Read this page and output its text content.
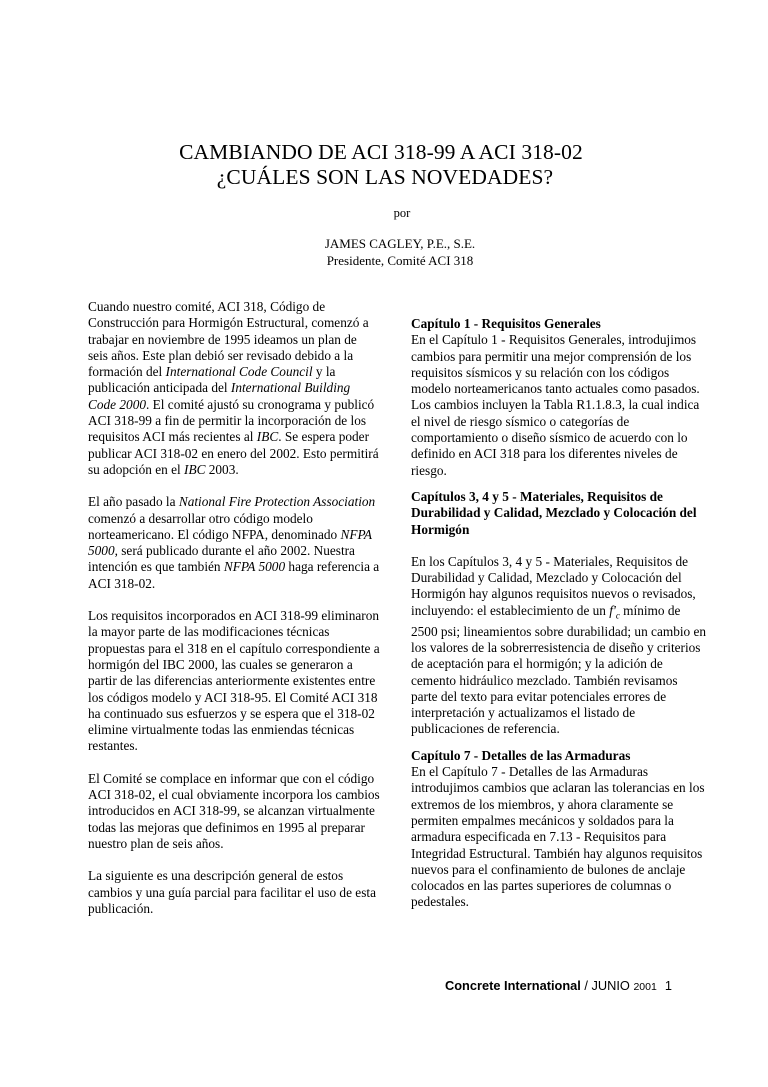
CAMBIANDO DE ACI 318-99 A ACI 318-02
¿CUÁLES SON LAS NOVEDADES?
por
JAMES CAGLEY, P.E., S.E.
Presidente, Comité ACI 318

Cuando nuestro comité, ACI 318, Código de Construcción para Hormigón Estructural, comenzó a trabajar en noviembre de 1995 ideamos un plan de seis años. Este plan debió ser revisado debido a la formación del International Code Council y la publicación anticipada del International Building Code 2000. El comité ajustó su cronograma y publicó ACI 318-99 a fin de permitir la incorporación de los requisitos ACI más recientes al IBC. Se espera poder publicar ACI 318-02 en enero del 2002. Esto permitirá su adopción en el IBC 2003.

El año pasado la National Fire Protection Association comenzó a desarrollar otro código modelo norteamericano. El código NFPA, denominado NFPA 5000, será publicado durante el año 2002. Nuestra intención es que también NFPA 5000 haga referencia a ACI 318-02.

Los requisitos incorporados en ACI 318-99 eliminaron la mayor parte de las modificaciones técnicas propuestas para el 318 en el capítulo correspondiente a hormigón del IBC 2000, las cuales se generaron a partir de las diferencias anteriormente existentes entre los códigos modelo y ACI 318-95. El Comité ACI 318 ha continuado sus esfuerzos y se espera que el 318-02 elimine virtualmente todas las enmiendas técnicas restantes.

El Comité se complace en informar que con el código ACI 318-02, el cual obviamente incorpora los cambios introducidos en ACI 318-99, se alcanzan virtualmente todas las mejoras que definimos en 1995 al preparar nuestro plan de seis años.

La siguiente es una descripción general de estos cambios y una guía parcial para facilitar el uso de esta publicación.

Capítulo 1 - Requisitos Generales

En el Capítulo 1 - Requisitos Generales, introdujimos cambios para permitir una mejor comprensión de los requisitos sísmicos y su relación con los códigos modelo norteamericanos tanto actuales como pasados. Los cambios incluyen la Tabla R1.1.8.3, la cual indica el nivel de riesgo sísmico o categorías de comportamiento o diseño sísmico de acuerdo con lo definido en ACI 318 para los diferentes niveles de riesgo.

Capítulos 3, 4 y 5 - Materiales, Requisitos de Durabilidad y Calidad, Mezclado y Colocación del Hormigón

En los Capítulos 3, 4 y 5 - Materiales, Requisitos de Durabilidad y Calidad, Mezclado y Colocación del Hormigón hay algunos requisitos nuevos o revisados, incluyendo: el establecimiento de un $f'_c$ mínimo de 2500 psi; lineamientos sobre durabilidad; un cambio en los valores de la sobrerresistencia de diseño y criterios de aceptación para el hormigón; y la adición de cemento hidráulico mezclado. También revisamos parte del texto para evitar potenciales errores de interpretación y actualizamos el listado de publicaciones de referencia.

Capítulo 7 - Detalles de las Armaduras

En el Capítulo 7 - Detalles de las Armaduras introdujimos cambios que aclaran las tolerancias en los extremos de los miembros, y ahora claramente se permiten empalmes mecánicos y soldados para la armadura especificada en 7.13 - Requisitos para Integridad Estructural. También hay algunos requisitos nuevos para el confinamiento de bulones de anclaje colocados en las partes superiores de columnas o pedestales.

Concrete International / JUNIO 2001 1
